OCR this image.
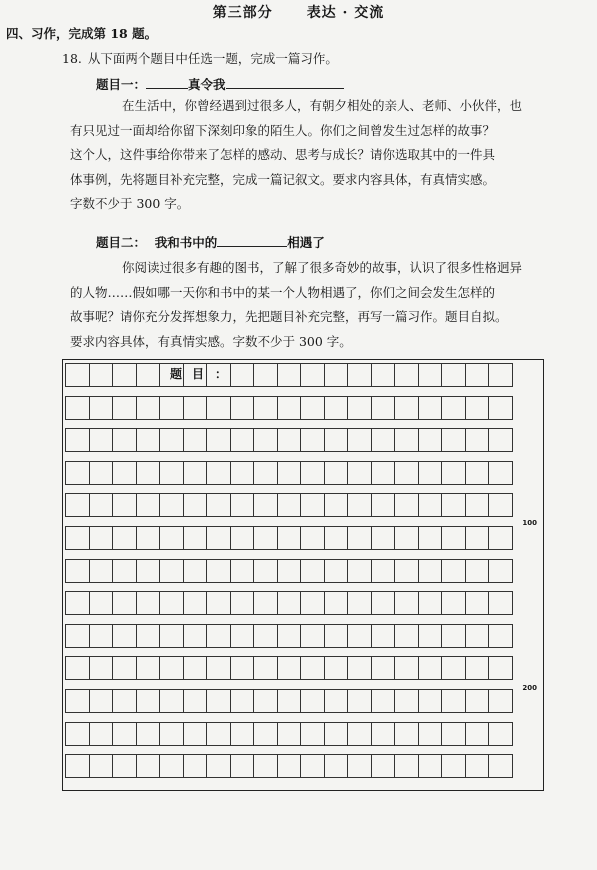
第三部分 表达 · 交流
四、习作，完成第 18 题。
18. 从下面两个题目中任选一题，完成一篇习作。
题目一：	真令我
在生活中，你曾经遇到过很多人，有朝夕相处的亲人、老师、小伙伴，也
有只见过一面却给你留下深刻印象的陌生人。你们之间曾发生过怎样的故事？
这个人，这件事给你带来了怎样的感动、思考与成长？请你选取其中的一件具
体事例，先将题目补充完整，完成一篇记叙文。要求内容具体，有真情实感。
字数不少于 300 字。
题目二： 我和书中的	相遇了
你阅读过很多有趣的图书，了解了很多奇妙的故事，认识了很多性格迥异
的人物……假如哪一天你和书中的某一个人物相遇了，你们之间会发生怎样的
故事呢？请你充分发挥想象力，先把题目补充完整，再写一篇习作。题目自拟。
要求内容具体，有真情实感。字数不少于 300 字。
题目 ：
100
200
